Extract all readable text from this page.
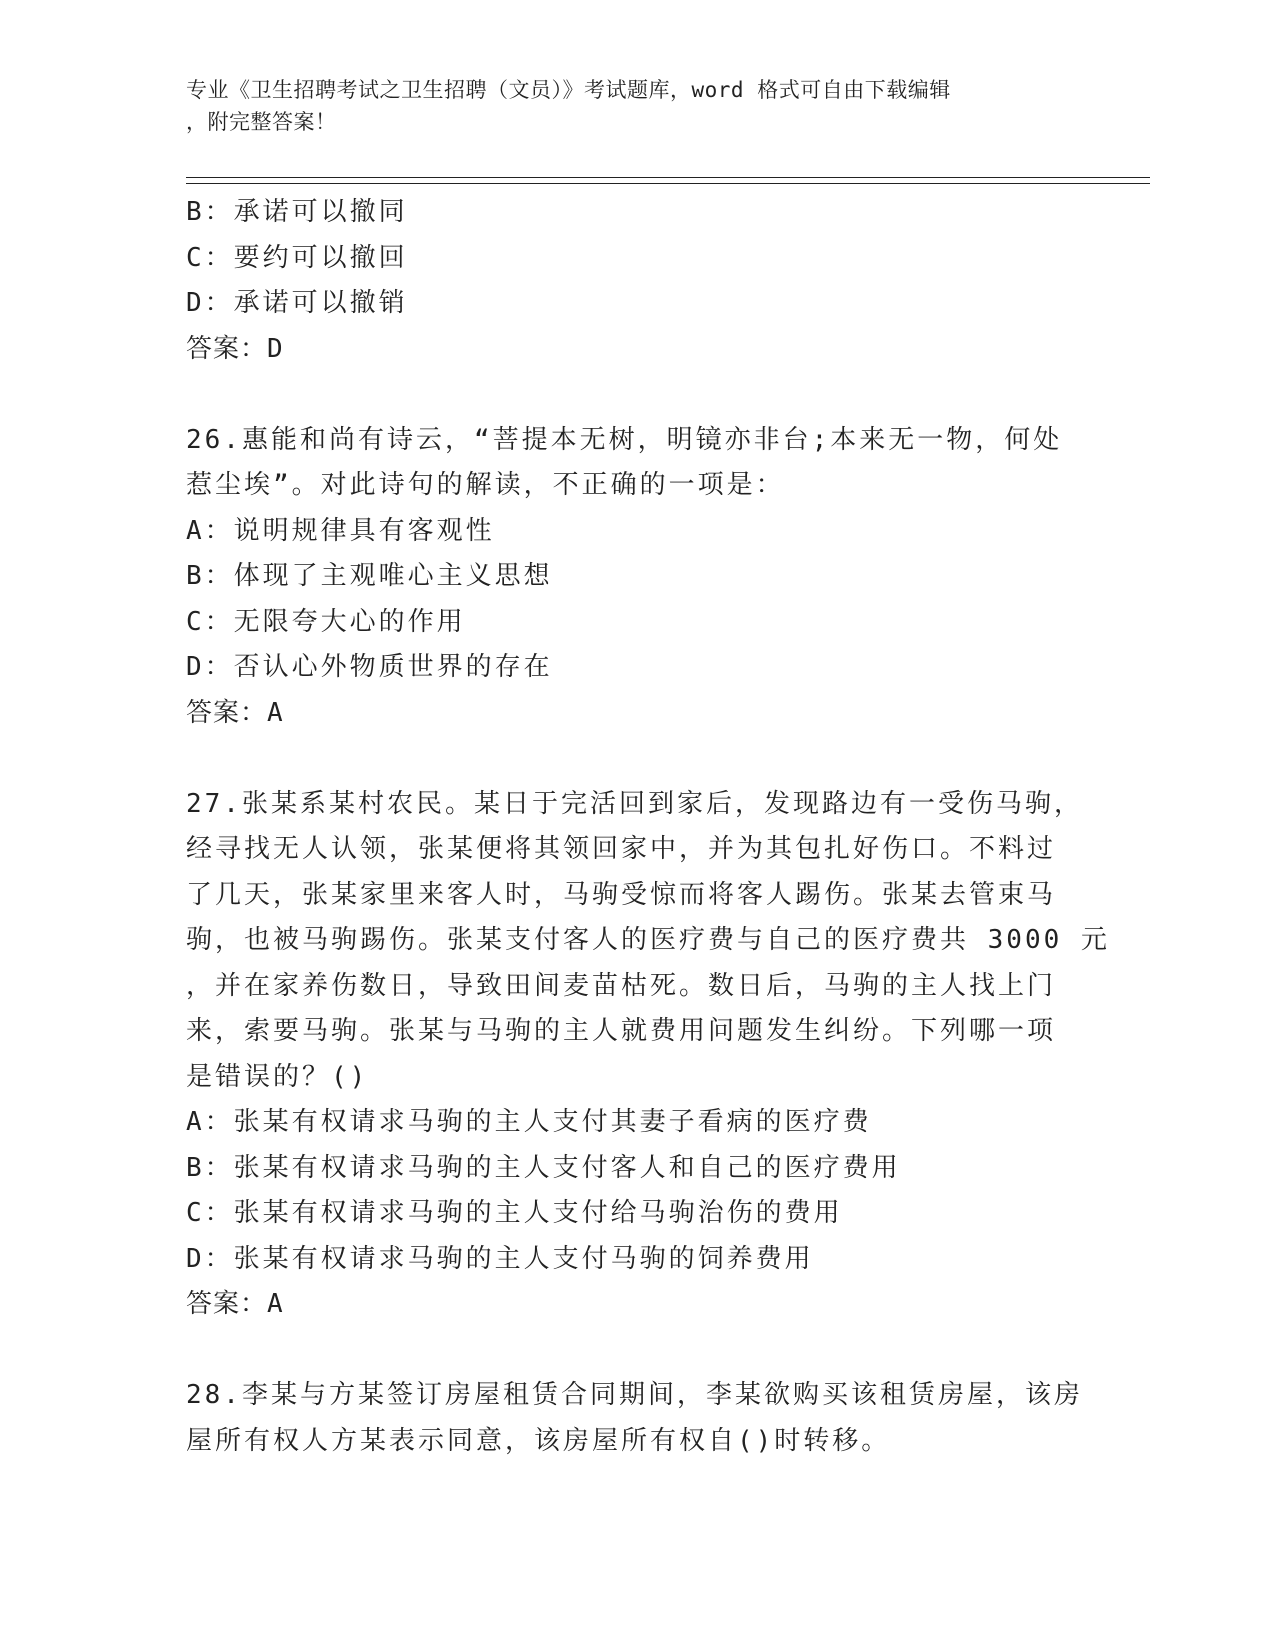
专业《卫生招聘考试之卫生招聘（文员）》考试题库，word 格式可自由下载编辑
，附完整答案！
B：承诺可以撤同
C：要约可以撤回
D：承诺可以撤销
答案：D
26.惠能和尚有诗云，“菩提本无树，明镜亦非台;本来无一物，何处
惹尘埃”。对此诗句的解读，不正确的一项是：
A：说明规律具有客观性
B：体现了主观唯心主义思想
C：无限夸大心的作用
D：否认心外物质世界的存在
答案：A
27.张某系某村农民。某日于完活回到家后，发现路边有一受伤马驹，
经寻找无人认领，张某便将其领回家中，并为其包扎好伤口。不料过
了几天，张某家里来客人时，马驹受惊而将客人踢伤。张某去管束马
驹，也被马驹踢伤。张某支付客人的医疗费与自己的医疗费共 3000 元
，并在家养伤数日，导致田间麦苗枯死。数日后，马驹的主人找上门
来，索要马驹。张某与马驹的主人就费用问题发生纠纷。下列哪一项
是错误的？()
A：张某有权请求马驹的主人支付其妻子看病的医疗费
B：张某有权请求马驹的主人支付客人和自己的医疗费用
C：张某有权请求马驹的主人支付给马驹治伤的费用
D：张某有权请求马驹的主人支付马驹的饲养费用
答案：A
28.李某与方某签订房屋租赁合同期间，李某欲购买该租赁房屋，该房
屋所有权人方某表示同意，该房屋所有权自()时转移。
